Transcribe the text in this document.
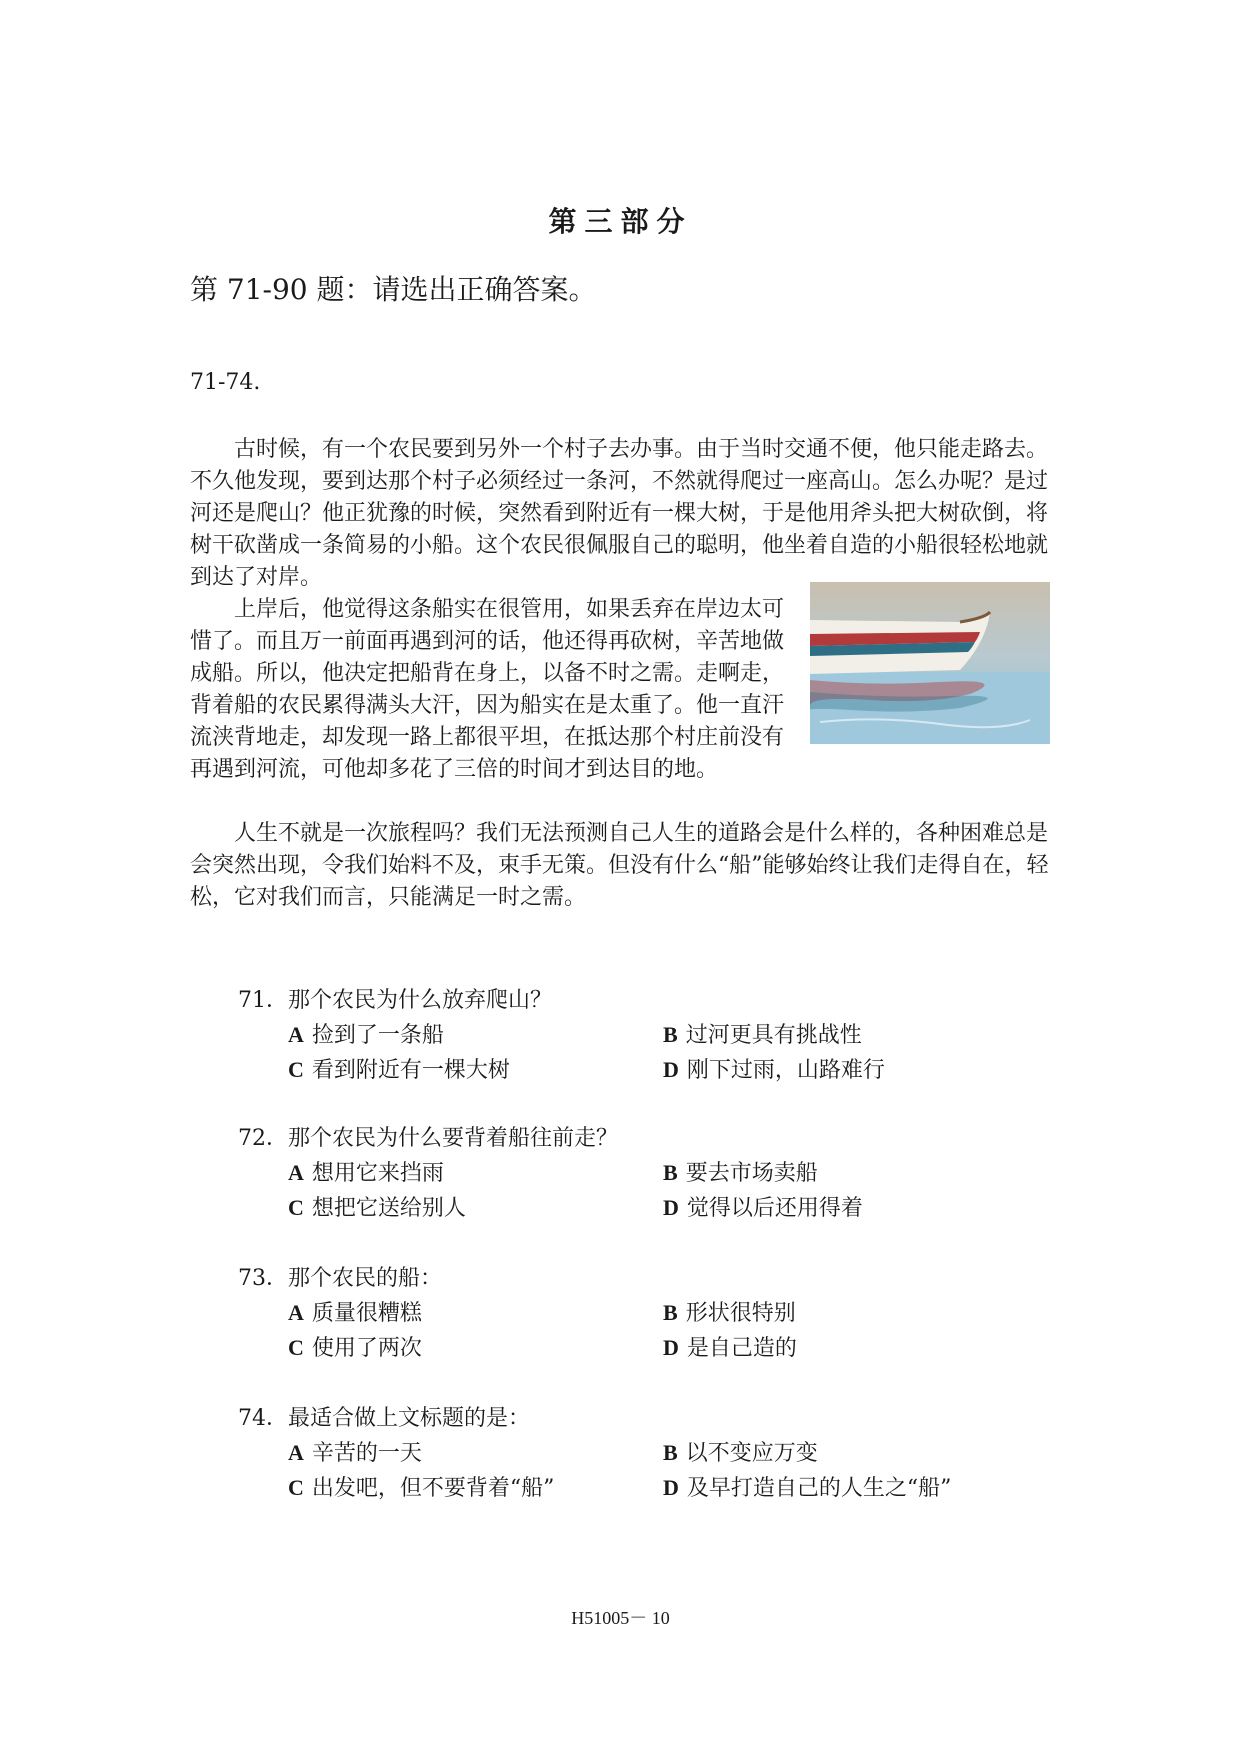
第三部分
第 71-90 题：请选出正确答案。
71-74.

古时候，有一个农民要到另外一个村子去办事。由于当时交通不便，他只能走路去。不久他发现，要到达那个村子必须经过一条河，不然就得爬过一座高山。怎么办呢？是过河还是爬山？他正犹豫的时候，突然看到附近有一棵大树，于是他用斧头把大树砍倒，将树干砍凿成一条简易的小船。这个农民很佩服自己的聪明，他坐着自造的小船很轻松地就到达了对岸。

上岸后，他觉得这条船实在很管用，如果丢弃在岸边太可惜了。而且万一前面再遇到河的话，他还得再砍树，辛苦地做成船。所以，他决定把船背在身上，以备不时之需。走啊走，背着船的农民累得满头大汗，因为船实在是太重了。他一直汗流浃背地走，却发现一路上都很平坦，在抵达那个村庄前没有再遇到河流，可他却多花了三倍的时间才到达目的地。

人生不就是一次旅程吗？我们无法预测自己人生的道路会是什么样的，各种困难总是会突然出现，令我们始料不及，束手无策。但没有什么“船”能够始终让我们走得自在，轻松，它对我们而言，只能满足一时之需。

71．那个农民为什么放弃爬山？
A 捡到了一条船	B 过河更具有挑战性
C 看到附近有一棵大树	D 刚下过雨，山路难行
72．那个农民为什么要背着船往前走？
A 想用它来挡雨	B 要去市场卖船
C 想把它送给别人	D 觉得以后还用得着
73．那个农民的船：
A 质量很糟糕	B 形状很特别
C 使用了两次	D 是自己造的
74．最适合做上文标题的是：
A 辛苦的一天	B 以不变应万变
C 出发吧，但不要背着“船”	D 及早打造自己的人生之“船”
H51005－ 10
